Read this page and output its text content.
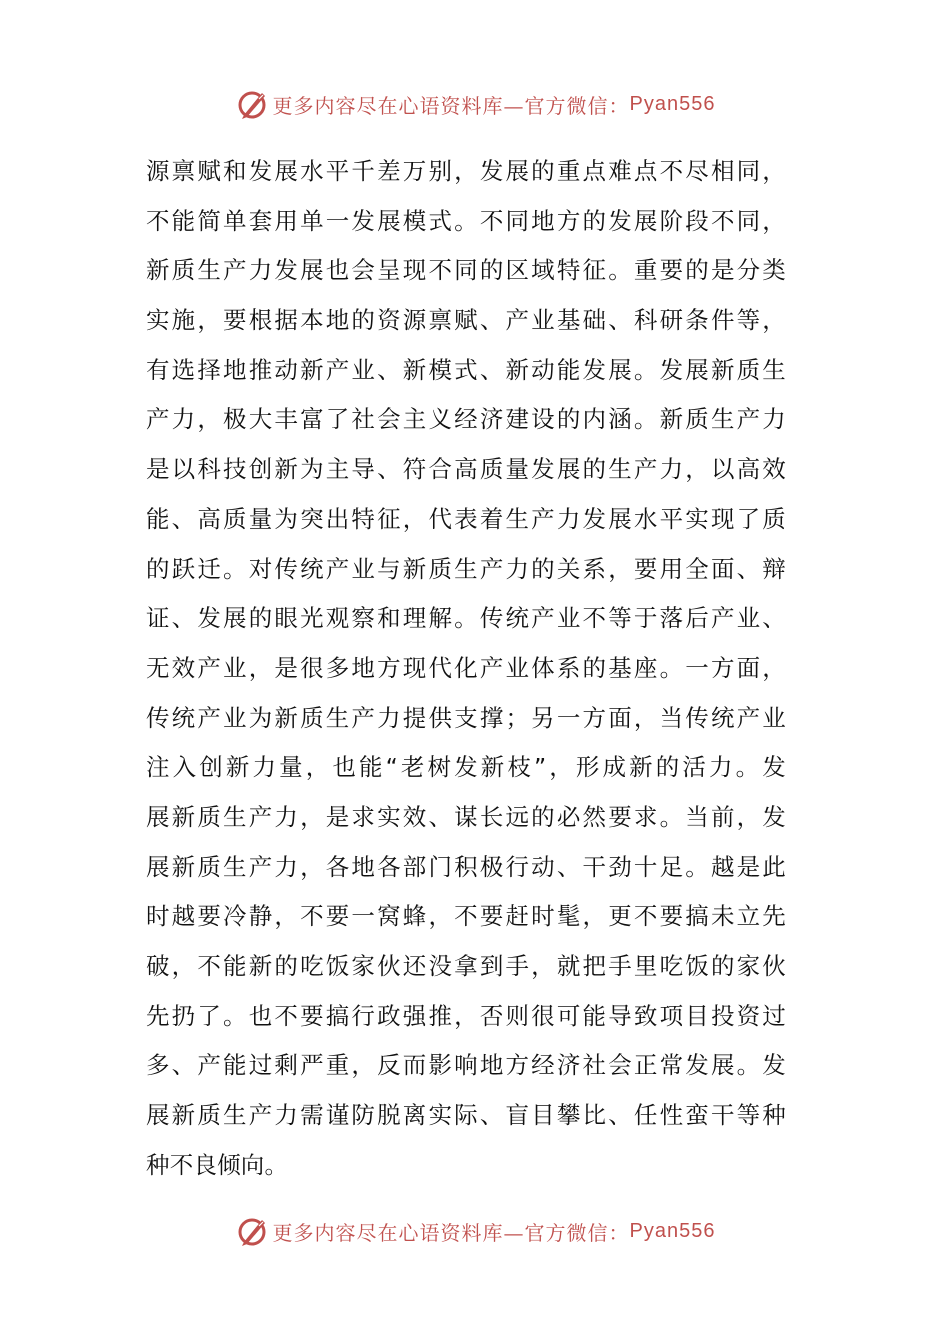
更多内容尽在心语资料库—官方微信： Pyan556
源禀赋和发展水平千差万别，发展的重点难点不尽相同，
不能简单套用单一发展模式。不同地方的发展阶段不同，
新质生产力发展也会呈现不同的区域特征。重要的是分类
实施，要根据本地的资源禀赋、产业基础、科研条件等，
有选择地推动新产业、新模式、新动能发展。发展新质生
产力，极大丰富了社会主义经济建设的内涵。新质生产力
是以科技创新为主导、符合高质量发展的生产力，以高效
能、高质量为突出特征，代表着生产力发展水平实现了质
的跃迁。对传统产业与新质生产力的关系，要用全面、辩
证、发展的眼光观察和理解。传统产业不等于落后产业、
无效产业，是很多地方现代化产业体系的基座。一方面，
传统产业为新质生产力提供支撑；另一方面，当传统产业
注入创新力量，也能“老树发新枝”，形成新的活力。发
展新质生产力，是求实效、谋长远的必然要求。当前，发
展新质生产力，各地各部门积极行动、干劲十足。越是此
时越要冷静，不要一窝蜂，不要赶时髦，更不要搞未立先
破，不能新的吃饭家伙还没拿到手，就把手里吃饭的家伙
先扔了。也不要搞行政强推，否则很可能导致项目投资过
多、产能过剩严重，反而影响地方经济社会正常发展。发
展新质生产力需谨防脱离实际、盲目攀比、任性蛮干等种
种不良倾向。
更多内容尽在心语资料库—官方微信： Pyan556
